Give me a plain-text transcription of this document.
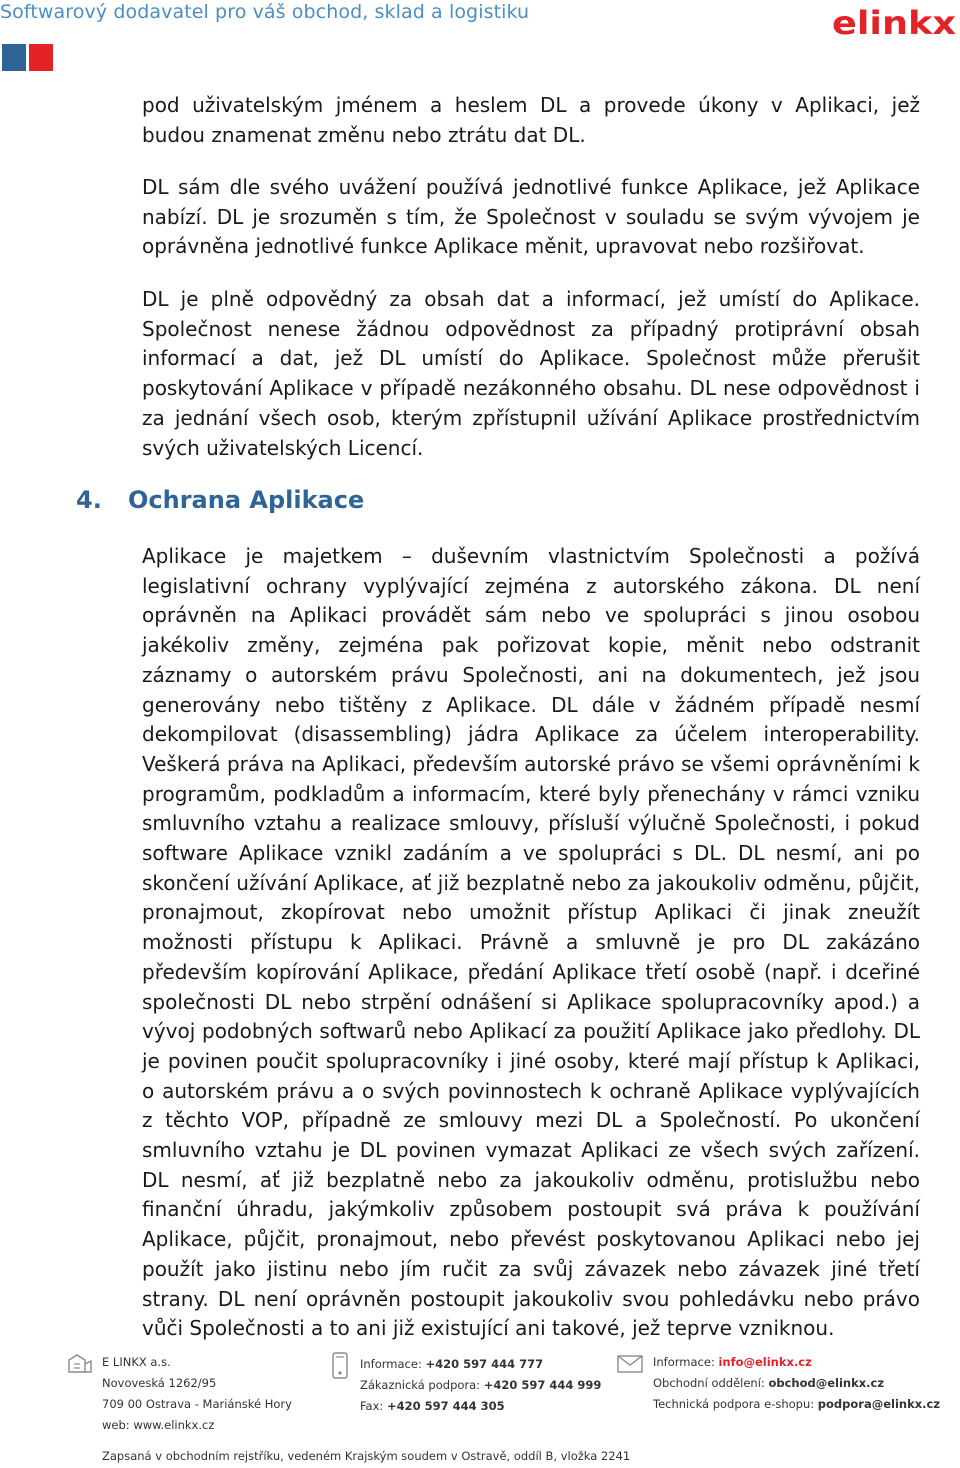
Softwarový dodavatel pro váš obchod, sklad a logistiku	elinkx

pod uživatelským jménem a heslem DL a provede úkony v Aplikaci, jež budou znamenat změnu nebo ztrátu dat DL.

DL sám dle svého uvážení používá jednotlivé funkce Aplikace, jež Aplikace nabízí. DL je srozuměn s tím, že Společnost v souladu se svým vývojem je oprávněna jednotlivé funkce Aplikace měnit, upravovat nebo rozšiřovat.

DL je plně odpovědný za obsah dat a informací, jež umístí do Aplikace. Společnost nenese žádnou odpovědnost za případný protiprávní obsah informací a dat, jež DL umístí do Aplikace. Společnost může přerušit poskytování Aplikace v případě nezákonného obsahu. DL nese odpovědnost i za jednání všech osob, kterým zpřístupnil užívání Aplikace prostřednictvím svých uživatelských Licencí.

4. Ochrana Aplikace

Aplikace je majetkem – duševním vlastnictvím Společnosti a požívá legislativní ochrany vyplývající zejména z autorského zákona. DL není oprávněn na Aplikaci provádět sám nebo ve spolupráci s jinou osobou jakékoliv změny, zejména pak pořizovat kopie, měnit nebo odstranit záznamy o autorském právu Společnosti, ani na dokumentech, jež jsou generovány nebo tištěny z Aplikace. DL dále v žádném případě nesmí dekompilovat (disassembling) jádra Aplikace za účelem interoperability. Veškerá práva na Aplikaci, především autorské právo se všemi oprávněními k programům, podkladům a informacím, které byly přenechány v rámci vzniku smluvního vztahu a realizace smlouvy, přísluší výlučně Společnosti, i pokud software Aplikace vznikl zadáním a ve spolupráci s DL. DL nesmí, ani po skončení užívání Aplikace, ať již bezplatně nebo za jakoukoliv odměnu, půjčit, pronajmout, zkopírovat nebo umožnit přístup Aplikaci či jinak zneužít možnosti přístupu k Aplikaci. Právně a smluvně je pro DL zakázáno především kopírování Aplikace, předání Aplikace třetí osobě (např. i dceřiné společnosti DL nebo strpění odnášení si Aplikace spolupracovníky apod.) a vývoj podobných softwarů nebo Aplikací za použití Aplikace jako předlohy. DL je povinen poučit spolupracovníky i jiné osoby, které mají přístup k Aplikaci, o autorském právu a o svých povinnostech k ochraně Aplikace vyplývajících z těchto VOP, případně ze smlouvy mezi DL a Společností. Po ukončení smluvního vztahu je DL povinen vymazat Aplikaci ze všech svých zařízení. DL nesmí, ať již bezplatně nebo za jakoukoliv odměnu, protislužbu nebo finanční úhradu, jakýmkoliv způsobem postoupit svá práva k používání Aplikace, půjčit, pronajmout, nebo převést poskytovanou Aplikaci nebo jej použít jako jistinu nebo jím ručit za svůj závazek nebo závazek jiné třetí strany. DL není oprávněn postoupit jakoukoliv svou pohledávku nebo právo vůči Společnosti a to ani již existující ani takové, jež teprve vzniknou.

E LINKX a.s.
Novoveská 1262/95
709 00 Ostrava - Mariánské Hory
web: www.elinkx.cz
Informace: +420 597 444 777
Zákaznická podpora: +420 597 444 999
Fax: +420 597 444 305
Informace: info@elinkx.cz
Obchodní oddělení: obchod@elinkx.cz
Technická podpora e-shopu: podpora@elinkx.cz
Zapsaná v obchodním rejstříku, vedeném Krajským soudem v Ostravě, oddíl B, vložka 2241
